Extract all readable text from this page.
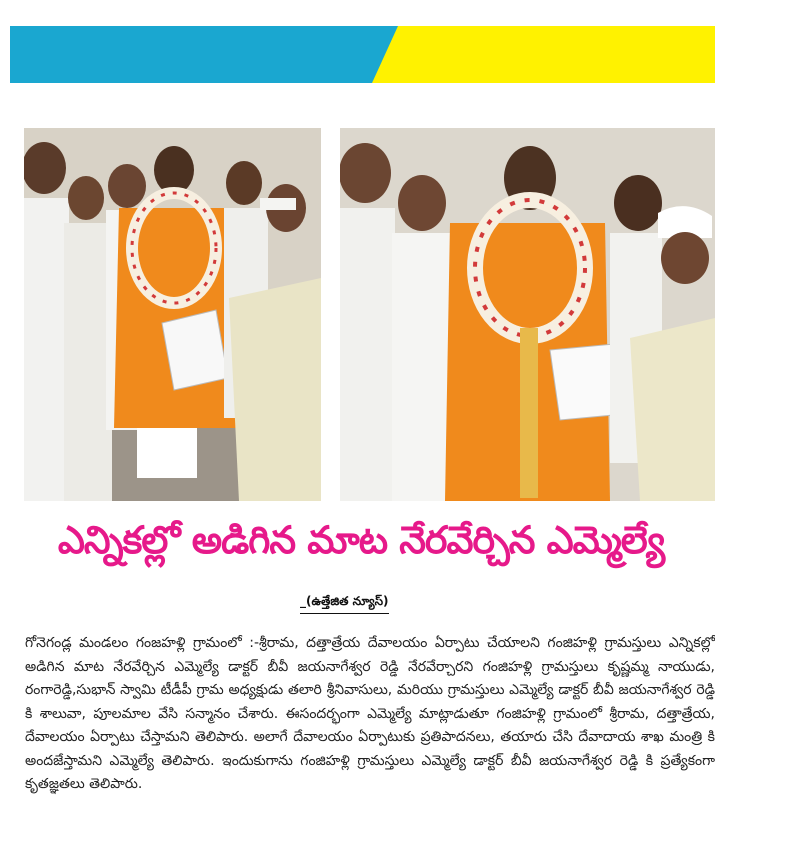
ఎన్నికల్లో అడిగిన మాట నేరవేర్చిన ఎమ్మెల్యే
_(ఉత్తేజిత న్యూస్)
గోనెగండ్ల మండలం గంజహళ్లి గ్రామంలో :-శ్రీరామ, దత్తాత్రేయ దేవాలయం ఏర్పాటు చేయాలని గంజిహళ్లి గ్రామస్తులు ఎన్నికల్లో అడిగిన మాట నేరవేర్చిన ఎమ్మెల్యే డాక్టర్ బీవీ జయనాగేశ్వర రెడ్డి నేరవేర్చారని గంజిహళ్లి గ్రామస్తులు కృష్ణమ్మ నాయుడు, రంగారెడ్డి,సుభాన్ స్వామి టీడీపీ గ్రామ అధ్యక్షుడు తలారి శ్రీనివాసులు, మరియు గ్రామస్తులు ఎమ్మెల్యే డాక్టర్ బీవీ జయనాగేశ్వర రెడ్డి కి శాలువా, పూలమాల వేసి సన్మానం చేశారు. ఈసందర్భంగా ఎమ్మెల్యే మాట్లాడుతూ గంజిహళ్లి గ్రామంలో శ్రీరామ, దత్తాత్రేయ, దేవాలయం ఏర్పాటు చేస్తామని తెలిపారు. అలాగే దేవాలయం ఏర్పాటుకు ప్రతిపాదనలు, తయారు చేసి దేవాదాయ శాఖ మంత్రి కి అందజేస్తామని ఎమ్మెల్యే తెలిపారు. ఇందుకుగాను గంజిహళ్లి గ్రామస్తులు ఎమ్మెల్యే డాక్టర్ బీవీ జయనాగేశ్వర రెడ్డి కి ప్రత్యేకంగా కృతజ్ఞతలు తెలిపారు.
